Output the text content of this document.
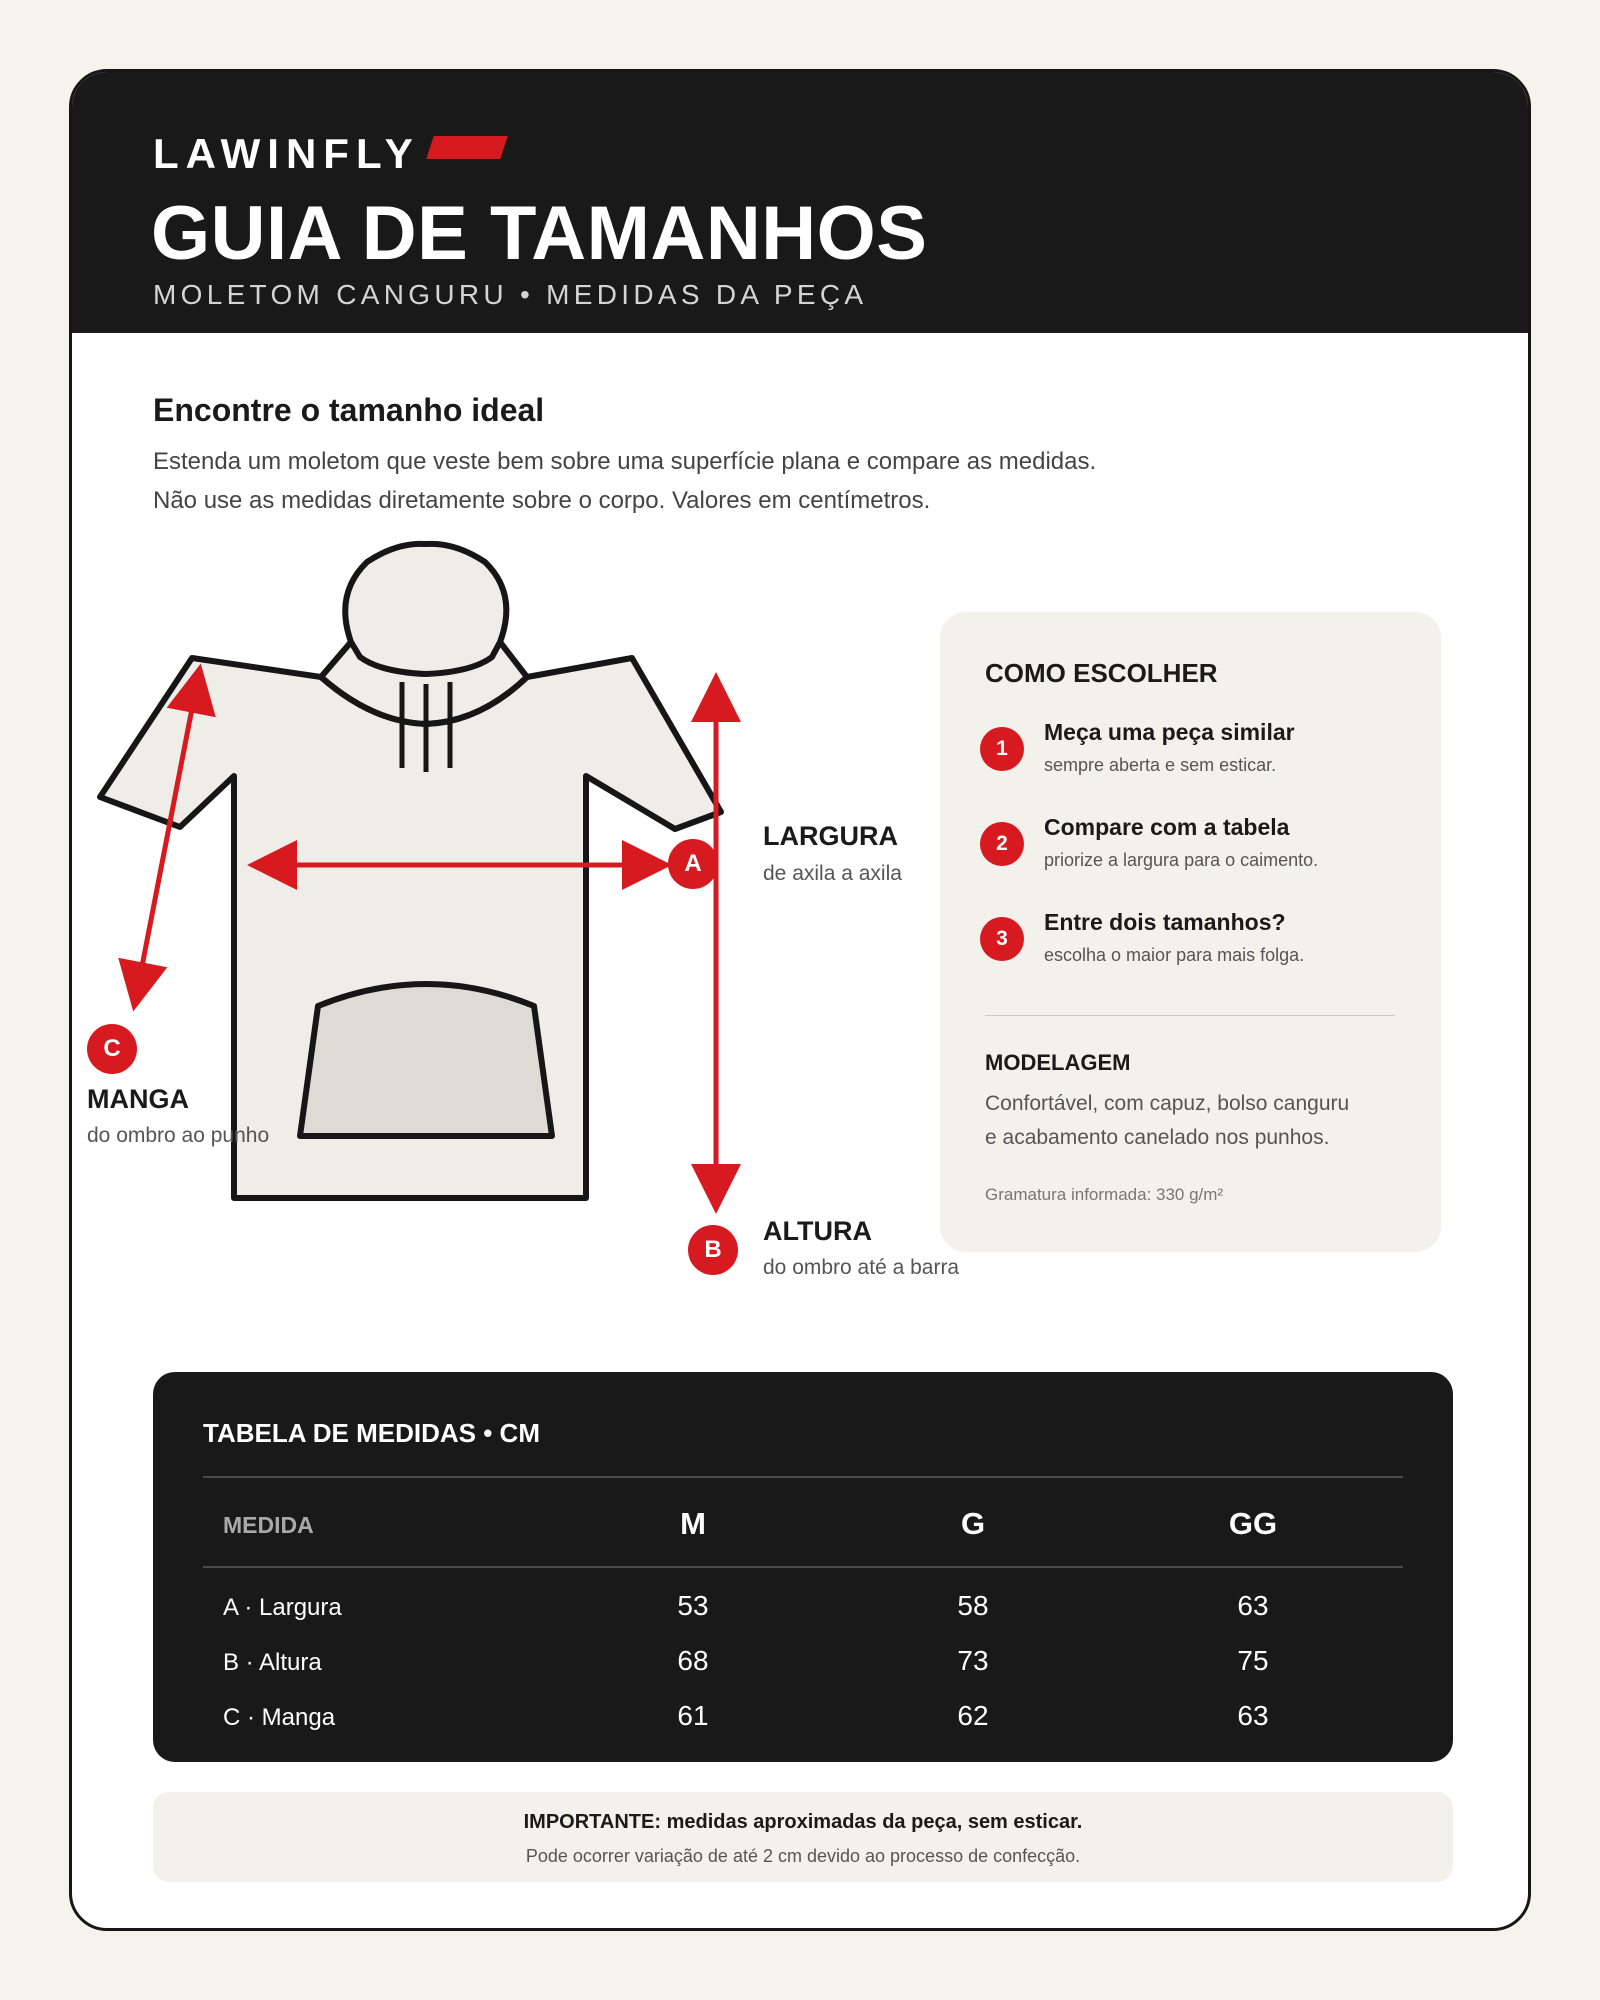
LAWINFLY
GUIA DE TAMANHOS
MOLETOM CANGURU • MEDIDAS DA PEÇA
Encontre o tamanho ideal
Estenda um moletom que veste bem sobre uma superfície plana e compare as medidas.
Não use as medidas diretamente sobre o corpo. Valores em centímetros.
A
LARGURA
de axila a axila
B
ALTURA
do ombro até a barra
C
MANGA
do ombro ao punho
COMO ESCOLHER
1
Meça uma peça similar
sempre aberta e sem esticar.
2
Compare com a tabela
priorize a largura para o caimento.
3
Entre dois tamanhos?
escolha o maior para mais folga.
MODELAGEM
Confortável, com capuz, bolso canguru
e acabamento canelado nos punhos.
Gramatura informada: 330 g/m²
TABELA DE MEDIDAS • CM
MEDIDA	M	G	GG
A · Largura	53	58	63
B · Altura	68	73	75
C · Manga	61	62	63
IMPORTANTE: medidas aproximadas da peça, sem esticar.
Pode ocorrer variação de até 2 cm devido ao processo de confecção.
